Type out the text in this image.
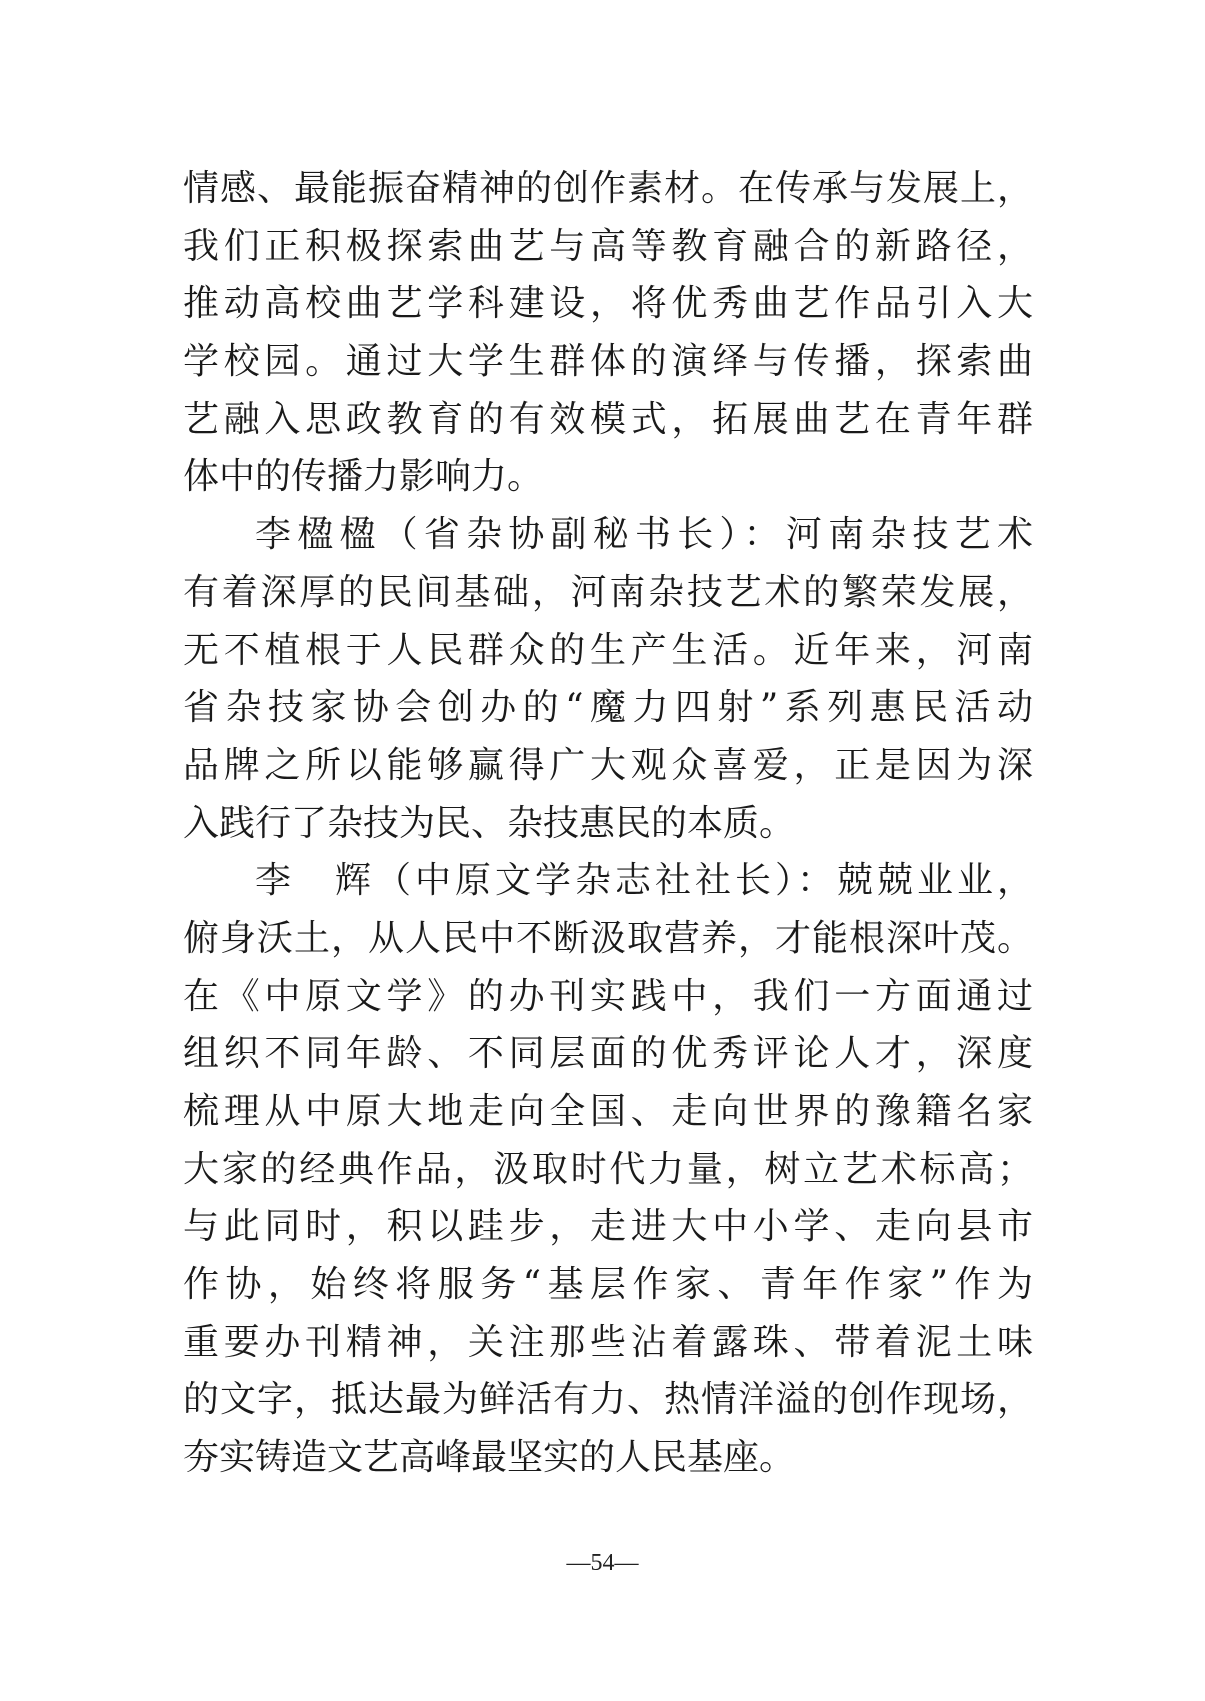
情感、最能振奋精神的创作素材。在传承与发展上，
我们正积极探索曲艺与高等教育融合的新路径，
推动高校曲艺学科建设，将优秀曲艺作品引入大
学校园。通过大学生群体的演绎与传播，探索曲
艺融入思政教育的有效模式，拓展曲艺在青年群
体中的传播力影响力。
李楹楹（省杂协副秘书长）：河南杂技艺术
有着深厚的民间基础，河南杂技艺术的繁荣发展，
无不植根于人民群众的生产生活。近年来，河南
省杂技家协会创办的“魔力四射”系列惠民活动
品牌之所以能够赢得广大观众喜爱，正是因为深
入践行了杂技为民、杂技惠民的本质。
李　辉（中原文学杂志社社长）：兢兢业业，
俯身沃土，从人民中不断汲取营养，才能根深叶茂。
在《中原文学》的办刊实践中，我们一方面通过
组织不同年龄、不同层面的优秀评论人才，深度
梳理从中原大地走向全国、走向世界的豫籍名家
大家的经典作品，汲取时代力量，树立艺术标高；
与此同时，积以跬步，走进大中小学、走向县市
作协，始终将服务“基层作家、青年作家”作为
重要办刊精神，关注那些沾着露珠、带着泥土味
的文字，抵达最为鲜活有力、热情洋溢的创作现场，
夯实铸造文艺高峰最坚实的人民基座。
—54—
